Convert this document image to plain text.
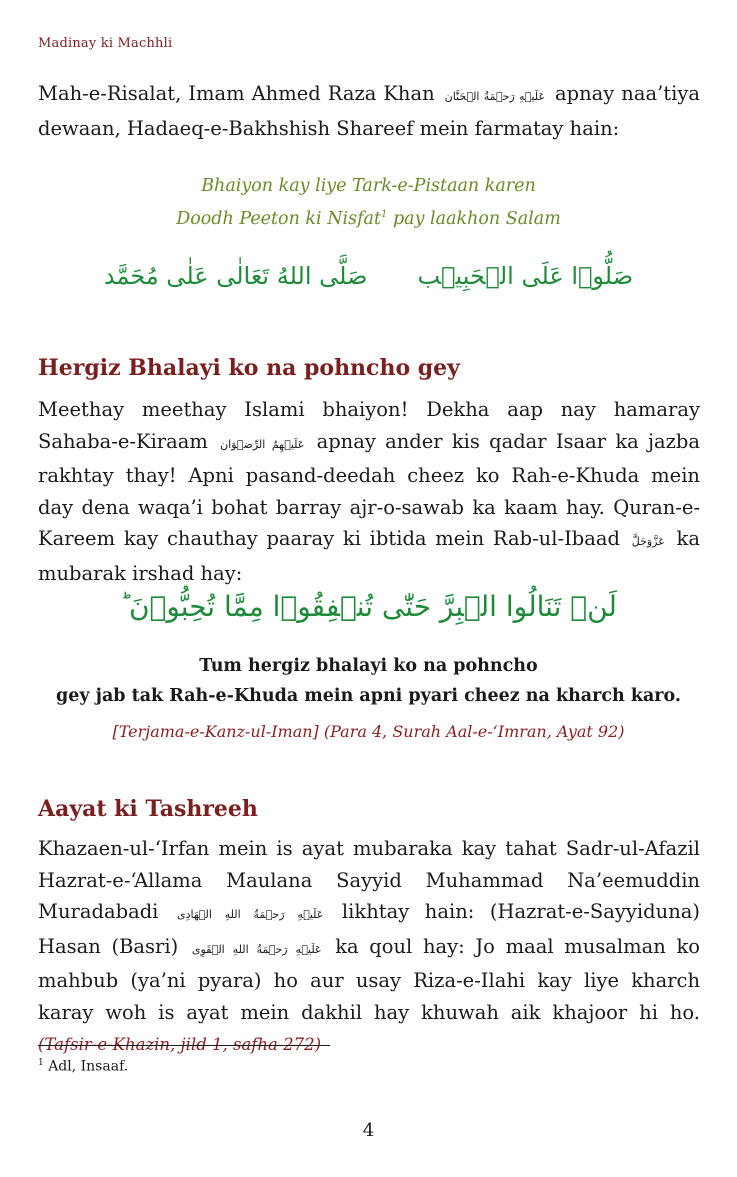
Madinay ki Machhli

Mah-e-Risalat, Imam Ahmed Raza Khan عَلَیۡهِ رَحۡمَةُ الۡحَنَّان apnay naa’tiya dewaan, Hadaeq-e-Bakhshish Shareef mein farmatay hain:

Bhaiyon kay liye Tark-e-Pistaan karen
Doodh Peeton ki Nisfat$^1$ pay laakhon Salam
صَلُّوۡا عَلَی الۡحَبِیۡب
صَلَّی اللهُ تَعَالٰی عَلٰی مُحَمَّد
Hergiz Bhalayi ko na pohncho gey

Meethay meethay Islami bhaiyon! Dekha aap nay hamaray Sahaba-e-Kiraam عَلَیۡهِمُ الرِّضۡوَان apnay ander kis qadar Isaar ka jazba rakhtay thay! Apni pasand-deedah cheez ko Rah-e-Khuda mein day dena waqa’i bohat barray ajr-o-sawab ka kaam hay. Quran-e-Kareem kay chauthay paaray ki ibtida mein Rab-ul-Ibaad عَزَّوَجَلَّ ka mubarak irshad hay:

لَنۡ تَنَالُوا الۡبِرَّ حَتّٰی تُنۡفِقُوۡا مِمَّا تُحِبُّوۡنَ ؕ
Tum hergiz bhalayi ko na pohncho
gey jab tak Rah-e-Khuda mein apni pyari cheez na kharch karo.
[Terjama-e-Kanz-ul-Iman] (Para 4, Surah Aal-e-‘Imran, Ayat 92)
Aayat ki Tashreeh

Khazaen-ul-‘Irfan mein is ayat mubaraka kay tahat Sadr-ul-Afazil Hazrat-e-‘Allama Maulana Sayyid Muhammad Na’eemuddin Muradabadi عَلَیۡهِ رَحۡمَةُ اللهِ الۡهَادِی likhtay hain: (Hazrat-e-Sayyiduna) Hasan (Basri) عَلَیۡهِ رَحۡمَةُ اللهِ الۡقَوِی ka qoul hay: Jo maal musalman ko mahbub (ya’ni pyara) ho aur usay Riza-e-Ilahi kay liye kharch karay woh is ayat mein dakhil hay khuwah aik khajoor hi ho. (Tafsir-e-Khazin, jild 1, safha 272)

$^1$ Adl, Insaaf.
4
